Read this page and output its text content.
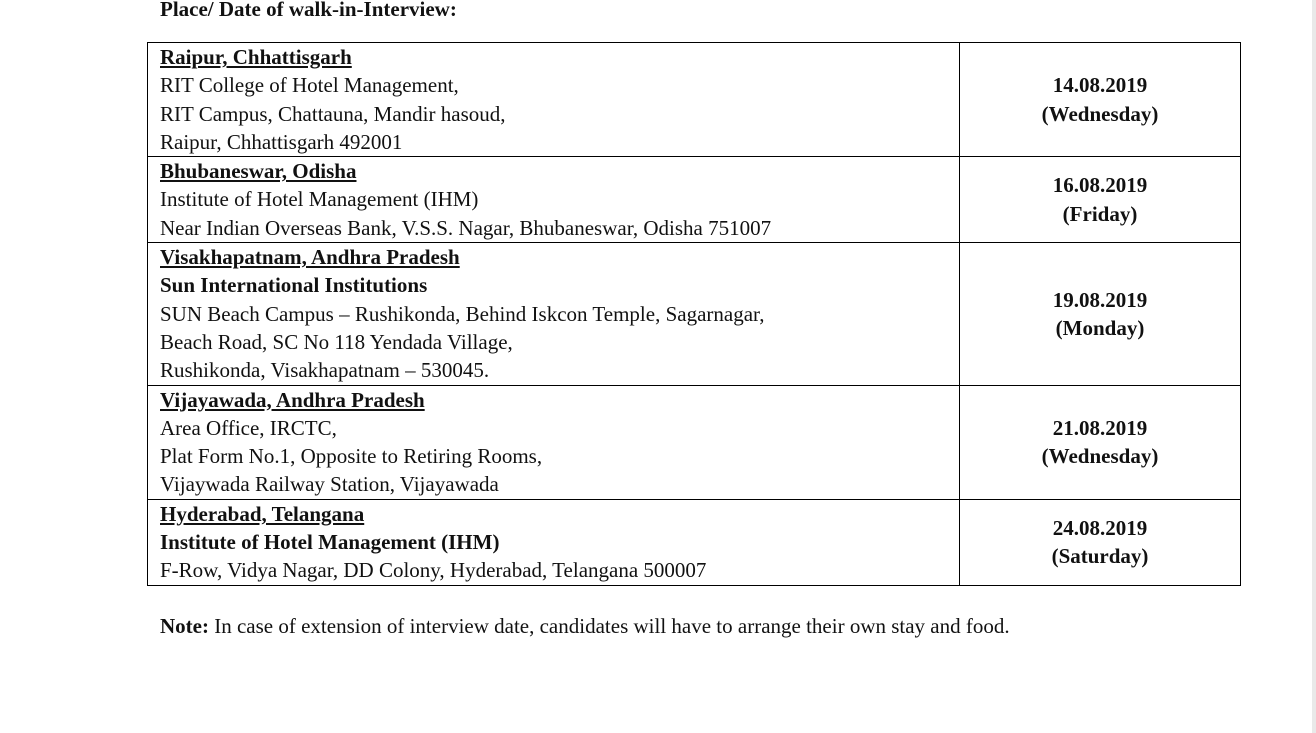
Place/ Date of walk-in-Interview:
Raipur, Chhattisgarh
RIT College of Hotel Management,
RIT Campus, Chattauna, Mandir hasoud,
Raipur, Chhattisgarh 492001	14.08.2019
(Wednesday)

Bhubaneswar, Odisha
Institute of Hotel Management (IHM)
Near Indian Overseas Bank, V.S.S. Nagar, Bhubaneswar, Odisha 751007	16.08.2019
(Friday)

Visakhapatnam, Andhra Pradesh
Sun International Institutions
SUN Beach Campus – Rushikonda, Behind Iskcon Temple, Sagarnagar,
Beach Road, SC No 118 Yendada Village,
Rushikonda, Visakhapatnam – 530045.	19.08.2019
(Monday)

Vijayawada, Andhra Pradesh
Area Office, IRCTC,
Plat Form No.1, Opposite to Retiring Rooms,
Vijaywada Railway Station, Vijayawada	21.08.2019
(Wednesday)

Hyderabad, Telangana
Institute of Hotel Management (IHM)
F-Row, Vidya Nagar, DD Colony, Hyderabad, Telangana 500007	24.08.2019
(Saturday)
Note: In case of extension of interview date, candidates will have to arrange their own stay and food.
